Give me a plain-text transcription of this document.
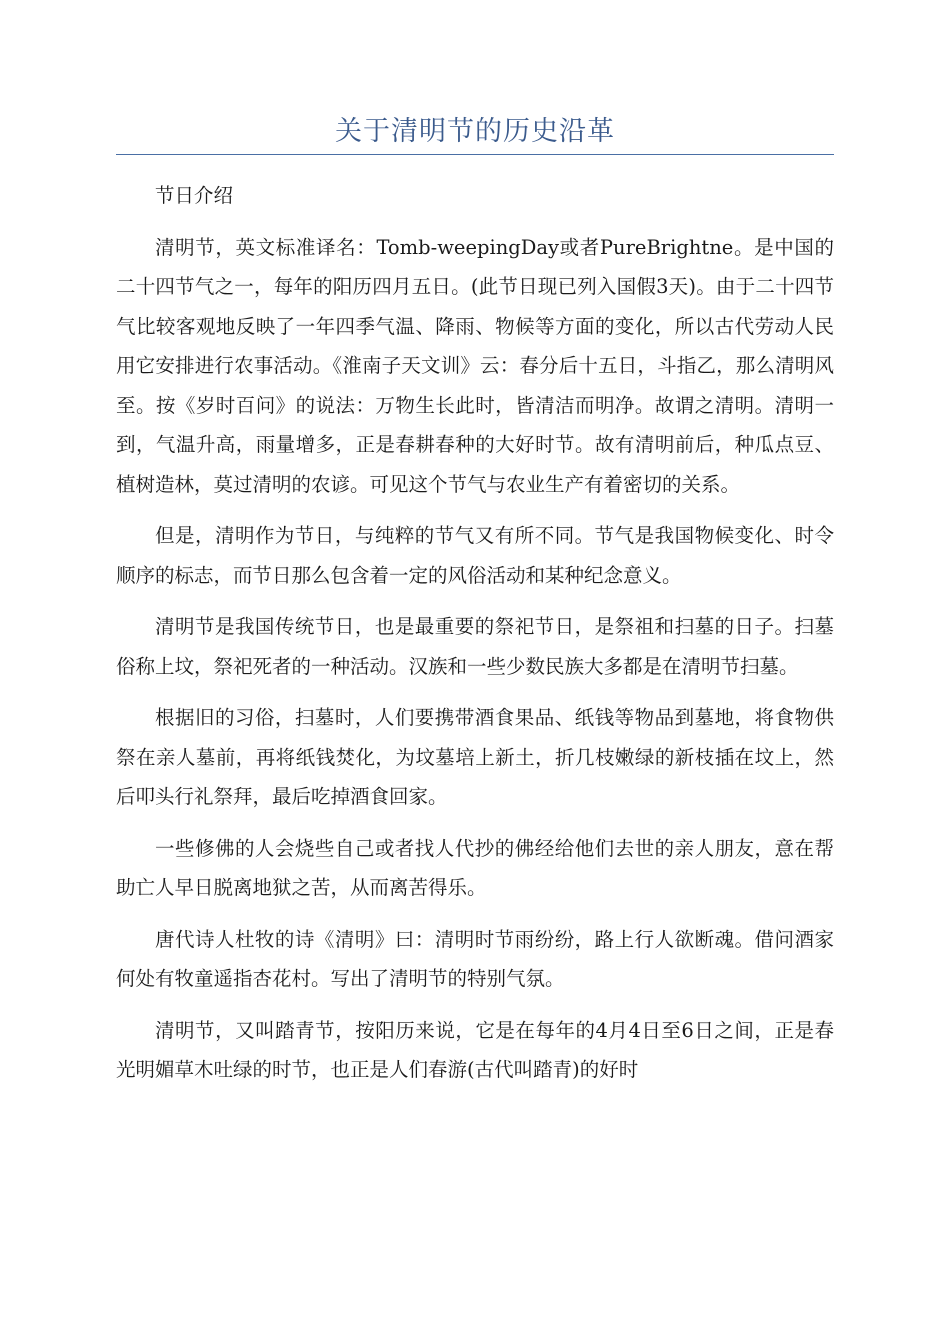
关于清明节的历史沿革

节日介绍

清明节，英文标准译名：Tomb-weepingDay或者PureBrightne。是中国的二十四节气之一，每年的阳历四月五日。(此节日现已列入国假3天)。由于二十四节气比较客观地反映了一年四季气温、降雨、物候等方面的变化，所以古代劳动人民用它安排进行农事活动。《淮南子天文训》云：春分后十五日，斗指乙，那么清明风至。按《岁时百问》的说法：万物生长此时，皆清洁而明净。故谓之清明。清明一到，气温升高，雨量增多，正是春耕春种的大好时节。故有清明前后，种瓜点豆、植树造林，莫过清明的农谚。可见这个节气与农业生产有着密切的关系。

但是，清明作为节日，与纯粹的节气又有所不同。节气是我国物候变化、时令顺序的标志，而节日那么包含着一定的风俗活动和某种纪念意义。

清明节是我国传统节日，也是最重要的祭祀节日，是祭祖和扫墓的日子。扫墓俗称上坟，祭祀死者的一种活动。汉族和一些少数民族大多都是在清明节扫墓。

根据旧的习俗，扫墓时，人们要携带酒食果品、纸钱等物品到墓地，将食物供祭在亲人墓前，再将纸钱焚化，为坟墓培上新土，折几枝嫩绿的新枝插在坟上，然后叩头行礼祭拜，最后吃掉酒食回家。

一些修佛的人会烧些自己或者找人代抄的佛经给他们去世的亲人朋友，意在帮助亡人早日脱离地狱之苦，从而离苦得乐。

唐代诗人杜牧的诗《清明》曰：清明时节雨纷纷，路上行人欲断魂。借问酒家何处有牧童遥指杏花村。写出了清明节的特别气氛。

清明节，又叫踏青节，按阳历来说，它是在每年的4月4日至6日之间，正是春光明媚草木吐绿的时节，也正是人们春游(古代叫踏青)的好时
